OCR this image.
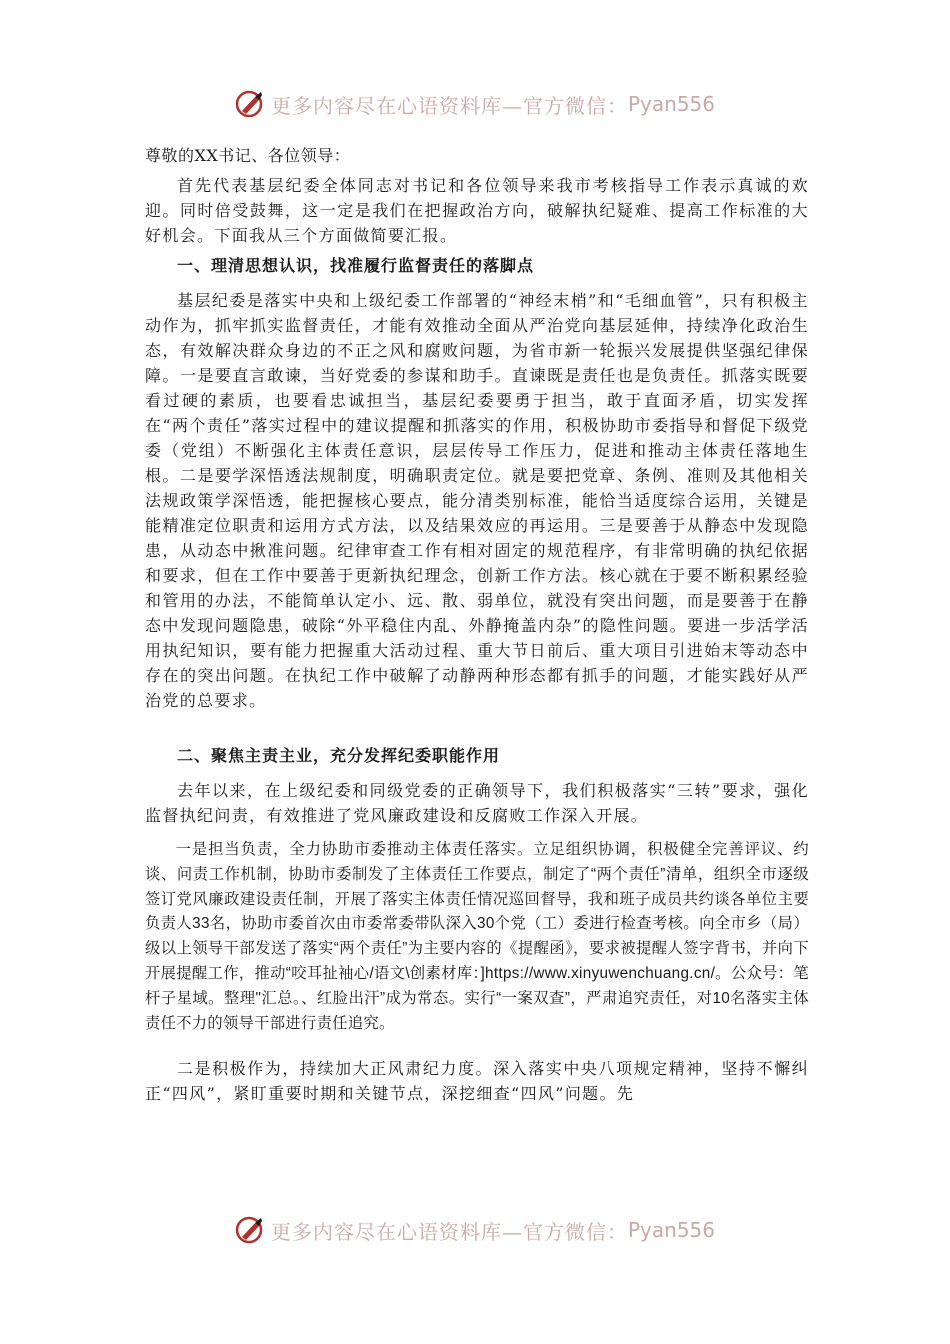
更多内容尽在心语资料库—官方微信： Pyan556

尊敬的XX书记、各位领导：

首先代表基层纪委全体同志对书记和各位领导来我市考核指导工作表示真诚的欢迎。同时倍受鼓舞，这一定是我们在把握政治方向，破解执纪疑难、提高工作标准的大好机会。下面我从三个方面做简要汇报。

一、理清思想认识，找准履行监督责任的落脚点

基层纪委是落实中央和上级纪委工作部署的“神经末梢”和“毛细血管”，只有积极主动作为，抓牢抓实监督责任，才能有效推动全面从严治党向基层延伸，持续净化政治生态，有效解决群众身边的不正之风和腐败问题，为省市新一轮振兴发展提供坚强纪律保障。一是要直言敢谏，当好党委的参谋和助手。直谏既是责任也是负责任。抓落实既要看过硬的素质，也要看忠诚担当，基层纪委要勇于担当，敢于直面矛盾，切实发挥在“两个责任”落实过程中的建议提醒和抓落实的作用，积极协助市委指导和督促下级党委（党组）不断强化主体责任意识，层层传导工作压力，促进和推动主体责任落地生根。二是要学深悟透法规制度，明确职责定位。就是要把党章、条例、准则及其他相关法规政策学深悟透，能把握核心要点，能分清类别标准，能恰当适度综合运用，关键是能精准定位职责和运用方式方法，以及结果效应的再运用。三是要善于从静态中发现隐患，从动态中揪准问题。纪律审查工作有相对固定的规范程序，有非常明确的执纪依据和要求，但在工作中要善于更新执纪理念，创新工作方法。核心就在于要不断积累经验和管用的办法，不能简单认定小、远、散、弱单位，就没有突出问题，而是要善于在静态中发现问题隐患，破除“外平稳住内乱、外静掩盖内杂”的隐性问题。要进一步活学活用执纪知识，要有能力把握重大活动过程、重大节日前后、重大项目引进始末等动态中存在的突出问题。在执纪工作中破解了动静两种形态都有抓手的问题，才能实践好从严治党的总要求。

二、聚焦主责主业，充分发挥纪委职能作用

去年以来，在上级纪委和同级党委的正确领导下，我们积极落实“三转”要求，强化监督执纪问责，有效推进了党风廉政建设和反腐败工作深入开展。

一是担当负责，全力协助市委推动主体责任落实。立足组织协调，积极健全完善评议、约谈、问责工作机制，协助市委制发了主体责任工作要点，制定了“两个责任”清单，组织全市逐级签订党风廉政建设责任制，开展了落实主体责任情况巡回督导，我和班子成员共约谈各单位主要负责人33名，协助市委首次由市委常委带队深入30个党（工）委进行检查考核。向全市乡（局）级以上领导干部发送了落实“两个责任”为主要内容的《提醒函》，要求被提醒人签字背书，并向下开展提醒工作，推动“咬耳扯袖心/语文\创素材库：]https://www.xinyuwenchuang.cn/。公众号：笔杆子星域。整理"汇总。、红脸出汗”成为常态。实行“一案双查”，严肃追究责任，对10名落实主体责任不力的领导干部进行责任追究。

二是积极作为，持续加大正风肃纪力度。深入落实中央八项规定精神，坚持不懈纠正“四风”，紧盯重要时期和关键节点，深挖细查“四风”问题。先

更多内容尽在心语资料库—官方微信： Pyan556
